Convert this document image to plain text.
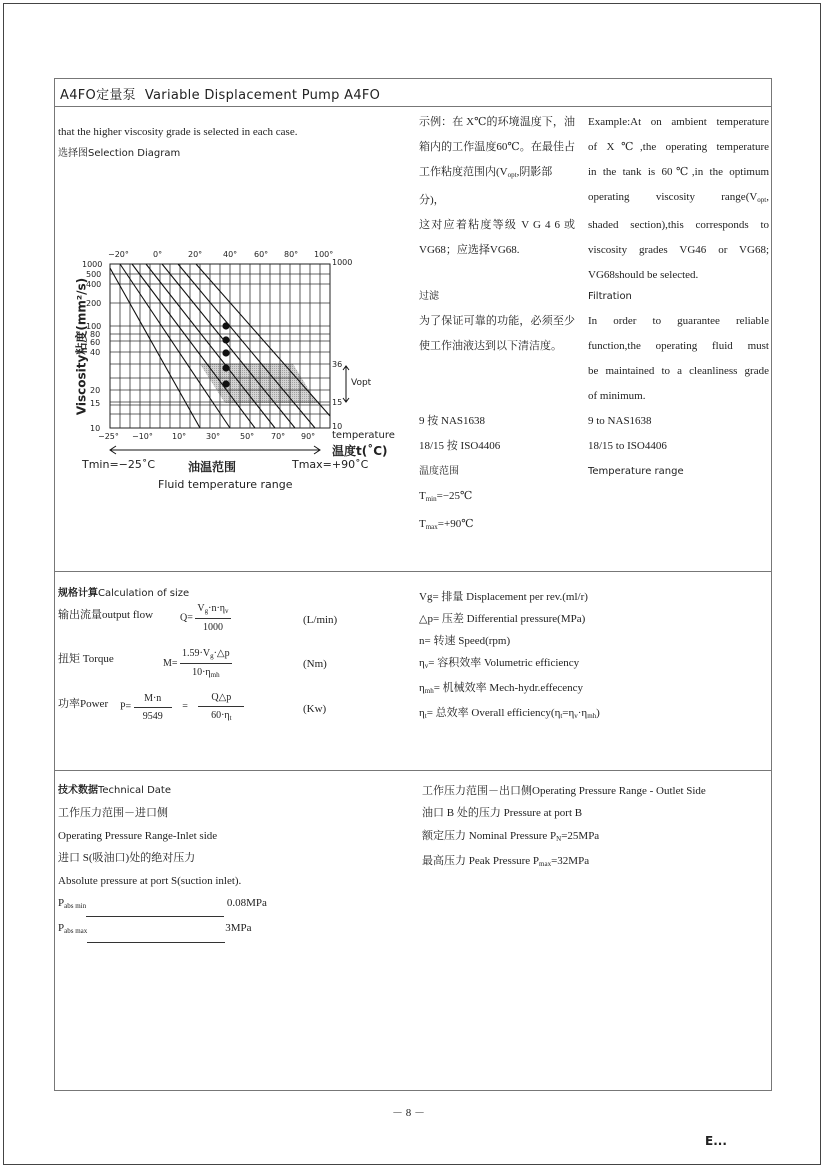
A4FO定量泵 Variable Displacement Pump A4FO
that the higher viscosity grade is selected in each case.
选择图Selection Diagram
−20°	0°	20°	40° 60° 80° 100°
1000
500
400
200
100
80
60
40
20
15
10
1000
36
15
10
Vopt
−25° −10° 10° 30° 50° 70° 90°
Viscosity粘度(mm²/s)
temperature
温度t(˚C)
Tmin=−25˚C	油温范围	Tmax=+90˚C
Fluid temperature range
示例：在 X℃的环境温度下，油
箱内的工作温度60℃。在最佳占
工作粘度范围内($V_{opt}$,阴影部分)，
这对应着粘度等级 V G 4 6 或
VG68；应选择VG68.
Example:At on ambient temperature
of X℃,the operating temperature
in the tank is 60℃,in the optimum
operating viscosity $range(V_{opt}$,
shaded section),this corresponds to
viscosity grades VG46 or VG68;
VG68should be selected.
过滤
为了保证可靠的功能，必须至少
使工作油液达到以下清洁度。
9 按 NAS1638
18/15 按 ISO4406
温度范围
$T_{min}=-25℃$
$T_{max}=+90℃$
Filtration
In order to guarantee reliable
function,the operating fluid must
be maintained to a cleanliness grade
of minimum.
9 to NAS1638
18/15 to ISO4406
Temperature range
规格计算Calculation of size
输出流量output flow	$Q= \frac{V_g\cdot n\cdot\eta_v}{1000}$	(L/min)
扭矩 Torque	$M= \frac{1.59\cdot V_g\cdot\triangle p}{10\cdot\eta_{mh}}$	(Nm)
功率Power $P= \frac{M\cdot n}{9549} = \frac{Q\triangle p}{60\cdot\eta_t}$	(Kw)
Vg= 排量 Displacement per rev.(ml/r)
△p= 压差 Differential pressure(MPa)
n= 转速 Speed(rpm)
$\eta_v=$ 容积效率 Volumetric efficiency
$\eta_{mh}=$ 机械效率 Mech-hydr.effecency
$\eta_t=$ 总效率 Overall $efficiency(\eta_t=\eta_v\cdot\eta_{mh})$
技术数据Technical Date
工作压力范围－进口侧
Operating Pressure Range-Inlet side
进口 S(吸油口)处的绝对压力
Absolute pressure at port S(suction inlet).
$P_{abs min}$	0.08MPa
$P_{abs max}$	3MPa
工作压力范围－出口侧Operating Pressure Range - Outlet Side
油口 B 处的压力 Pressure at port B
额定压力 Nominal Pressure $P_N=25MPa$
最高压力 Peak Pressure $P_{max}=32MPa$
－ 8 －
E...
